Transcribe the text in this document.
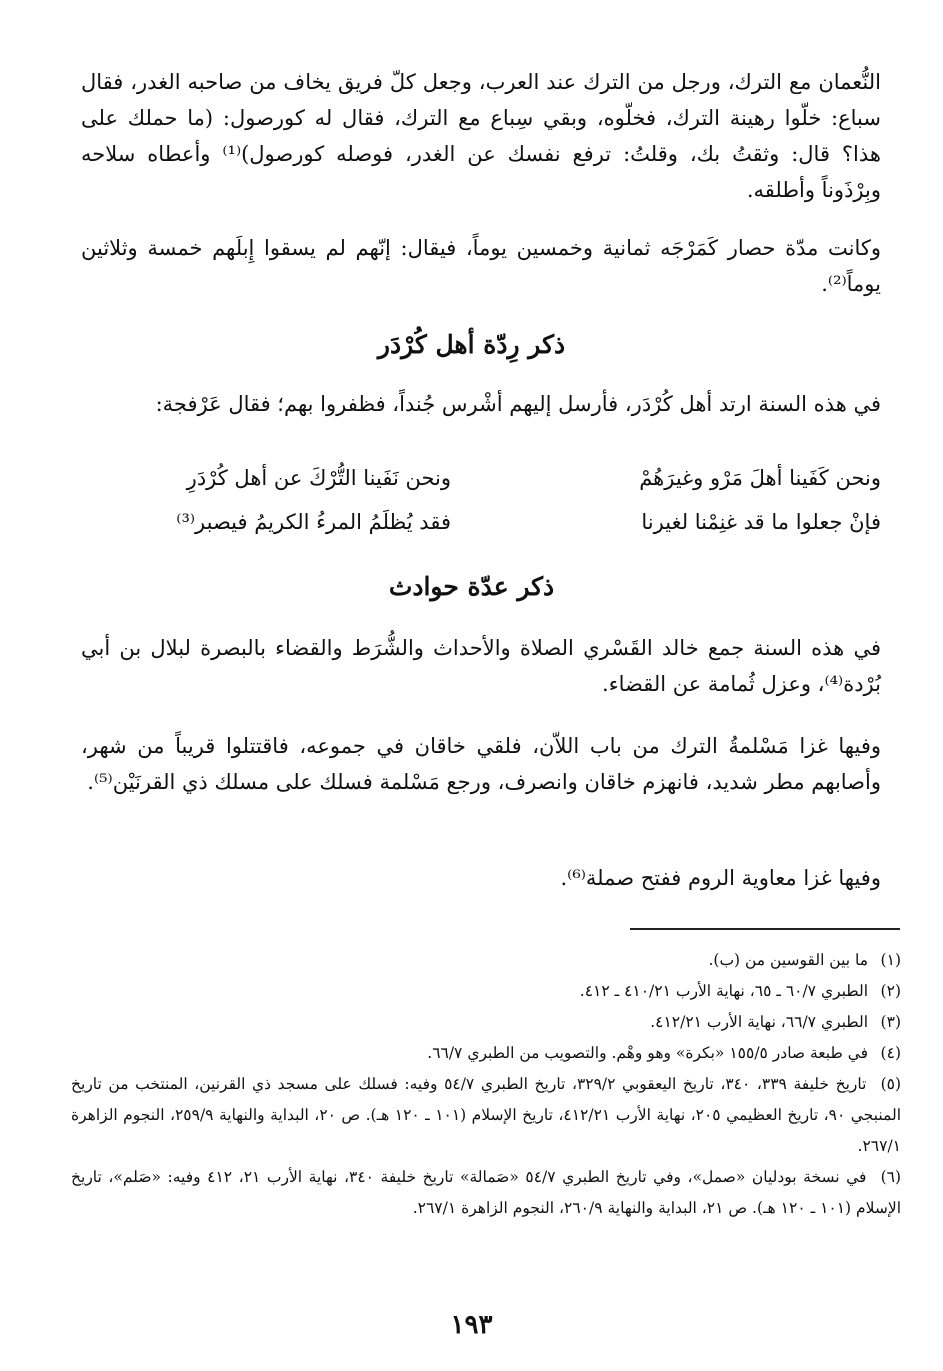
النُّعمان مع الترك، ورجل من الترك عند العرب، وجعل كلّ فريق يخاف من صاحبه الغدر، فقال سباع: خلّوا رهينة الترك، فخلّوه، وبقي سِباع مع الترك، فقال له كورصول: (ما حملك على هذا؟ قال: وثقتُ بك، وقلتُ: ترفع نفسك عن الغدر، فوصله كورصول)⁽¹⁾ وأعطاه سلاحه وبِرْذَوناً وأطلقه.

وكانت مدّة حصار كَمَرْجَه ثمانية وخمسين يوماً، فيقال: إنّهم لم يسقوا إِبلَهم خمسة وثلاثين يوماً⁽²⁾.

ذكر رِدّة أهل كُرْدَر

في هذه السنة ارتد أهل كُرْدَر، فأرسل إليهم أشْرس جُنداً، فظفروا بهم؛ فقال عَرْفجة:

ونحن كَفَينا أهلَ مَرْو وغيرَهُمْ
ونحن نَفَينا التُّرْكَ عن أهل كُرْدَرِ
فإنْ جعلوا ما قد غنِمْنا لغيرنا
فقد يُظلَمُ المرءُ الكريمُ فيصبر⁽³⁾
ذكر عدّة حوادث

في هذه السنة جمع خالد القَسْري الصلاة والأحداث والشُّرَط والقضاء بالبصرة لبلال بن أبي بُرْدة⁽⁴⁾، وعزل ثُمامة عن القضاء.

وفيها غزا مَسْلمةُ الترك من باب اللاّن، فلقي خاقان في جموعه، فاقتتلوا قريباً من شهر، وأصابهم مطر شديد، فانهزم خاقان وانصرف، ورجع مَسْلمة فسلك على مسلك ذي القرنَيْن⁽⁵⁾.

وفيها غزا معاوية الروم ففتح صملة⁽⁶⁾.

(١) ما بين القوسين من (ب).

(٢) الطبري ٦٠/٧ ـ ٦٥، نهاية الأرب ٤١٠/٢١ ـ ٤١٢.

(٣) الطبري ٦٦/٧، نهاية الأرب ٤١٢/٢١.

(٤) في طبعة صادر ١٥٥/٥ «بكرة» وهو وهْم. والتصويب من الطبري ٦٦/٧.

(٥) تاريخ خليفة ٣٣٩، ٣٤٠، تاريخ اليعقوبي ٣٢٩/٢، تاريخ الطبري ٥٤/٧ وفيه: فسلك على مسجد ذي القرنين، المنتخب من تاريخ المنبجي ٩٠، تاريخ العظيمي ٢٠٥، نهاية الأرب ٤١٢/٢١، تاريخ الإسلام (١٠١ ـ ١٢٠ هـ). ص ٢٠، البداية والنهاية ٢٥٩/٩، النجوم الزاهرة ٢٦٧/١.

(٦) في نسخة بودليان «صمل»، وفي تاريخ الطبري ٥٤/٧ «صَمالة» تاريخ خليفة ٣٤٠، نهاية الأرب ٢١، ٤١٢ وفيه: «صَلم»، تاريخ الإسلام (١٠١ ـ ١٢٠ هـ). ص ٢١، البداية والنهاية ٢٦٠/٩، النجوم الزاهرة ٢٦٧/١.

١٩٣
